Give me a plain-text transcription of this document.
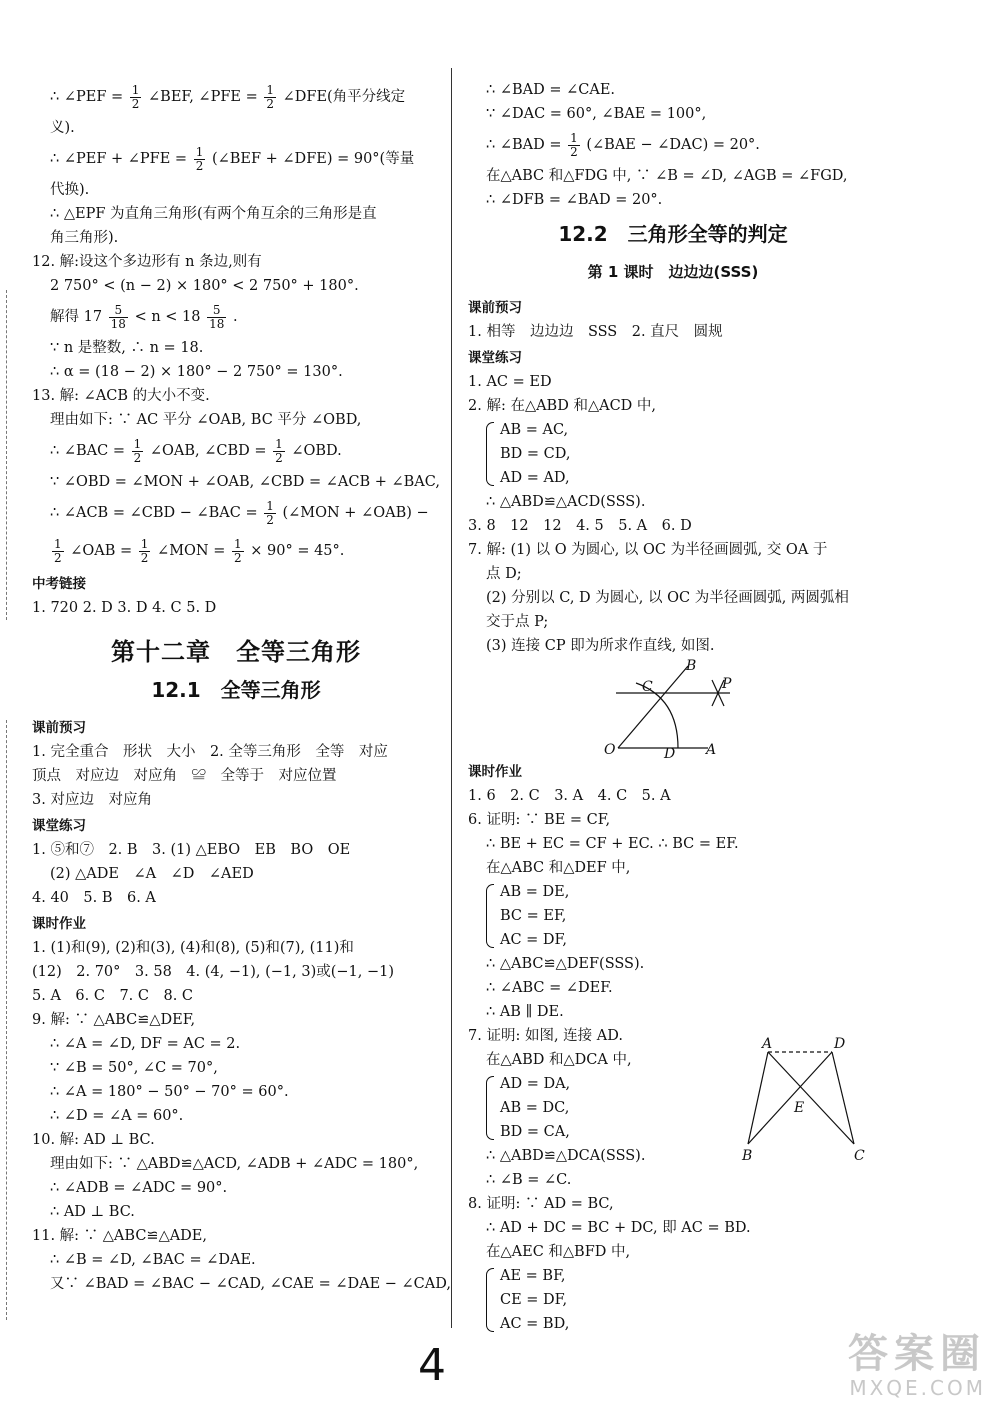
∴ ∠PEF = $\frac{1}{2}$ ∠BEF, ∠PFE = $\frac{1}{2}$ ∠DFE(角平分线定
义).
∴ ∠PEF + ∠PFE = $\frac{1}{2}$ (∠BEF + ∠DFE) = 90°(等量
代换).
∴ △EPF 为直角三角形(有两个角互余的三角形是直
角三角形).
12. 解:设这个多边形有 n 条边,则有
2 750° < (n − 2) × 180° < 2 750° + 180°.
解得 $17 \frac{5}{18} < n < 18 \frac{5}{18}$ .
∵ n 是整数, ∴ n = 18.
∴ α = (18 − 2) × 180° − 2 750° = 130°.
13. 解: ∠ACB 的大小不变.
理由如下: ∵ AC 平分 ∠OAB, BC 平分 ∠OBD,
∴ ∠BAC = $\frac{1}{2}$ ∠OAB, ∠CBD = $\frac{1}{2}$ ∠OBD.
∵ ∠OBD = ∠MON + ∠OAB, ∠CBD = ∠ACB + ∠BAC,
∴ ∠ACB = ∠CBD − ∠BAC = $\frac{1}{2}$ (∠MON + ∠OAB) −
$\frac{1}{2}$ ∠OAB = $\frac{1}{2}$ ∠MON = $\frac{1}{2} \times 90^\circ = 45^\circ$.
中考链接
1. 720 2. D 3. D 4. C 5. D
第十二章　全等三角形
12.1　全等三角形
课前预习
1. 完全重合　形状　大小　2. 全等三角形　全等　对应
顶点　对应边　对应角　≌　全等于　对应位置
3. 对应边　对应角
课堂练习
1. ⑤和⑦　2. B　3. (1) △EBO　EB　BO　OE
(2) △ADE　∠A　∠D　∠AED
4. 40　5. B　6. A
课时作业
1. (1)和(9), (2)和(3), (4)和(8), (5)和(7), (11)和
(12)　2. 70°　3. 58　4. (4, −1), (−1, 3)或(−1, −1)
5. A　6. C　7. C　8. C
9. 解: ∵ △ABC≌△DEF,
∴ ∠A = ∠D, DF = AC = 2.
∵ ∠B = 50°, ∠C = 70°,
∴ ∠A = 180° − 50° − 70° = 60°.
∴ ∠D = ∠A = 60°.
10. 解: AD ⊥ BC.
理由如下: ∵ △ABD≌△ACD, ∠ADB + ∠ADC = 180°,
∴ ∠ADB = ∠ADC = 90°.
∴ AD ⊥ BC.
11. 解: ∵ △ABC≌△ADE,
∴ ∠B = ∠D, ∠BAC = ∠DAE.
又∵ ∠BAD = ∠BAC − ∠CAD, ∠CAE = ∠DAE − ∠CAD,
∴ ∠BAD = ∠CAE.
∵ ∠DAC = 60°, ∠BAE = 100°,
∴ ∠BAD = $\frac{1}{2}$ (∠BAE − ∠DAC) = 20°.
在△ABC 和△FDG 中, ∵ ∠B = ∠D, ∠AGB = ∠FGD,
∴ ∠DFB = ∠BAD = 20°.
12.2　三角形全等的判定
第 1 课时　边边边(SSS)
课前预习
1. 相等　边边边　SSS　2. 直尺　圆规
课堂练习
1. AC = ED
2. 解: 在△ABD 和△ACD 中,
AB = AC,
BD = CD,
AD = AD,
∴ △ABD≌△ACD(SSS).
3. 8　12　12　4. 5　5. A　6. D
7. 解: (1) 以 O 为圆心, 以 OC 为半径画圆弧, 交 OA 于
点 D;
(2) 分别以 C, D 为圆心, 以 OC 为半径画圆弧, 两圆弧相
交于点 P;
(3) 连接 CP 即为所求作直线, 如图.
B
C	P
O	D A
课时作业
1. 6　2. C　3. A　4. C　5. A
6. 证明: ∵ BE = CF,
∴ BE + EC = CF + EC. ∴ BC = EF.
在△ABC 和△DEF 中,
AB = DE,
BC = EF,
AC = DF,
∴ △ABC≌△DEF(SSS).
∴ ∠ABC = ∠DEF.
∴ AB ∥ DE.
7. 证明: 如图, 连接 AD.
在△ABD 和△DCA 中,
AD = DA,
AB = DC,
BD = CA,
∴ △ABD≌△DCA(SSS).
∴ ∠B = ∠C.
A	D
E
B	C
8. 证明: ∵ AD = BC,
∴ AD + DC = BC + DC, 即 AC = BD.
在△AEC 和△BFD 中,
AE = BF,
CE = DF,
AC = BD,
4	答案圈
MXQE.COM
